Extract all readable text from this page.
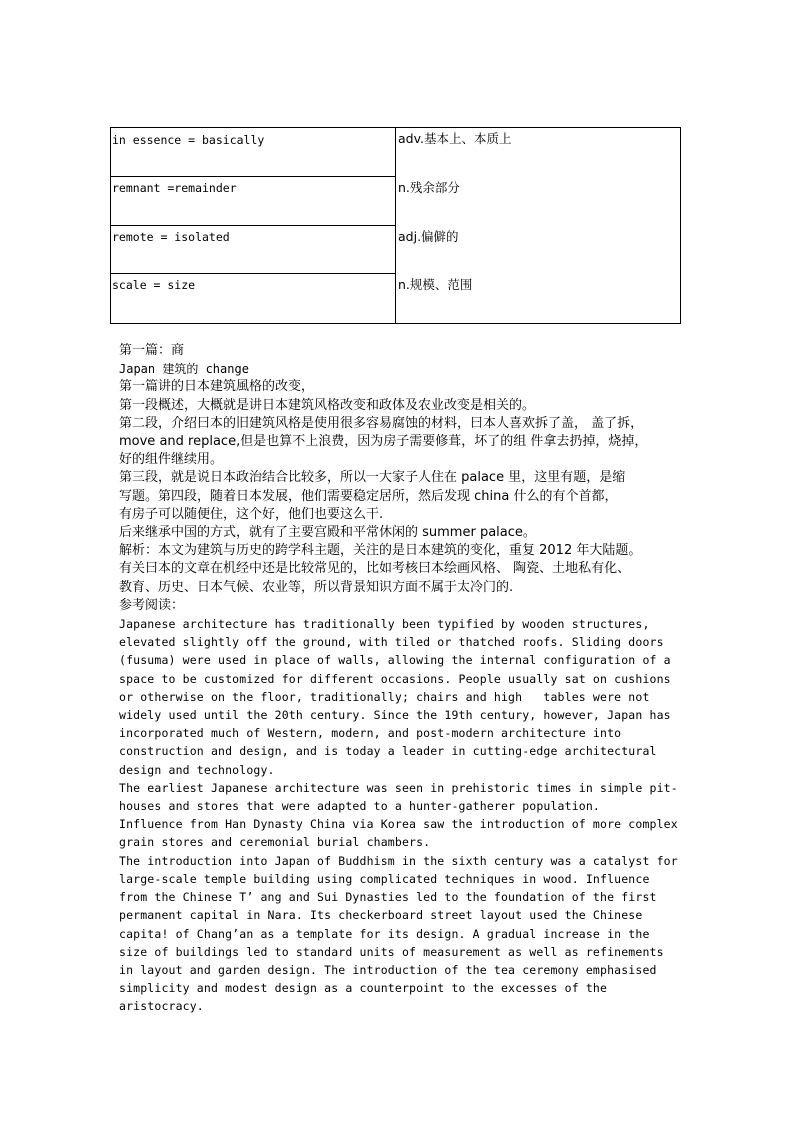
in essence = basically
remnant =remainder
remote = isolated
scale = size
adv.基本上、本质上
n.残余部分
adj.偏僻的
n.规模、范围
第一篇：商
Japan 建筑的 change
第一篇讲的日本建筑風格的改变，
第一段概述，大概就是讲日本建筑风格改变和政体及农业改变是相关的。
第二段，介绍曰本的旧建筑风格是使用很多容易腐蚀的材料，曰本人喜欢拆了盖， 盖了拆，
move and replace,但是也算不上浪费，因为房子需要修葺，坏了的组 件拿去扔掉，烧掉，
好的组件继续用。
第三段，就是说日本政治结合比较多，所以一大家子人住在 palace 里，这里有题，是缩
写题。第四段，随着日本发展，他们需要稳定居所，然后发现 china 什么的有个首都，
有房子可以随便住，这个好，他们也要这么干.
后来继承中国的方式，就有了主要宫殿和平常休闲的 summer palace。
解析：本文为建筑与历史的跨学科主题，关注的是日本建筑的变化，重复 2012 年大陆题。
有关曰本的文章在机经中还是比较常见的，比如考核曰本绘画风格、 陶瓷、土地私有化、
教育、历史、日本气候、农业等，所以背景知识方面不属于太冷门的.
参考阅读：
Japanese architecture has traditionally been typified by wooden structures,
elevated slightly off the ground, with tiled or thatched roofs. Sliding doors
(fusuma) were used in place of walls, allowing the internal configuration of a
space to be customized for different occasions. People usually sat on cushions
or otherwise on the floor, traditionally; chairs and high   tables were not
widely used until the 20th century. Since the 19th century, however, Japan has
incorporated much of Western, modern, and post-modern architecture into
construction and design, and is today a leader in cutting-edge architectural
design and technology.
The earliest Japanese architecture was seen in prehistoric times in simple pit-
houses and stores that were adapted to a hunter-gatherer population.
Influence from Han Dynasty China via Korea saw the introduction of more complex
grain stores and ceremonial burial chambers.
The introduction into Japan of Buddhism in the sixth century was a catalyst for
large-scale temple building using complicated techniques in wood. Influence
from the Chinese T’ ang and Sui Dynasties led to the foundation of the first
permanent capital in Nara. Its checkerboard street layout used the Chinese
capita! of Chang’an as a template for its design. A gradual increase in the
size of buildings led to standard units of measurement as well as refinements
in layout and garden design. The introduction of the tea ceremony emphasised
simplicity and modest design as a counterpoint to the excesses of the
aristocracy.
